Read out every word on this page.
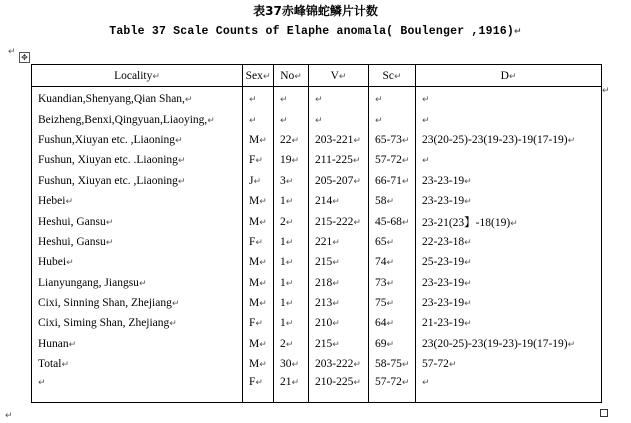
表37赤峰锦蛇鳞片计数
Table 37 Scale Counts of Elaphe anomala( Boulenger ,1916)↵
↵
✥
↵
Locality↵	Sex↵	No↵	V↵	Sc↵	D↵
Kuandian,Shenyang,Qian Shan,↵	↵	↵	↵	↵	↵
Beizheng,Benxi,Qingyuan,Liaoying,↵	↵	↵	↵	↵	↵
Fushun,Xiuyan etc. ,Liaoning↵	M↵	22↵	203-221↵	65-73↵	23(20-25)-23(19-23)-19(17-19)↵
Fushun, Xiuyan etc. .Liaoning↵	F↵	19↵	211-225↵	57-72↵	↵
Fushun, Xiuyan etc. ,Liaoning↵	J↵	3↵	205-207↵	66-71↵	23-23-19↵
Hebei↵	M↵	1↵	214↵	58↵	23-23-19↵
Heshui, Gansu↵	M↵	2↵	215-222↵	45-68↵	23-21(23】-18(19)↵
Heshui, Gansu↵	F↵	1↵	221↵	65↵	22-23-18↵
Hubei↵	M↵	1↵	215↵	74↵	25-23-19↵
Lianyungang, Jiangsu↵	M↵	1↵	218↵	73↵	23-23-19↵
Cixi, Sinning Shan, Zhejiang↵	M↵	1↵	213↵	75↵	23-23-19↵
Cixi, Siming Shan, Zhejiang↵	F↵	1↵	210↵	64↵	21-23-19↵
Hunan↵	M↵	2↵	215↵	69↵	23(20-25)-23(19-23)-19(17-19)↵
Total↵	M↵	30↵	203-222↵	58-75↵	57-72↵
↵	F↵	21↵	210-225↵	57-72↵	↵
↵
